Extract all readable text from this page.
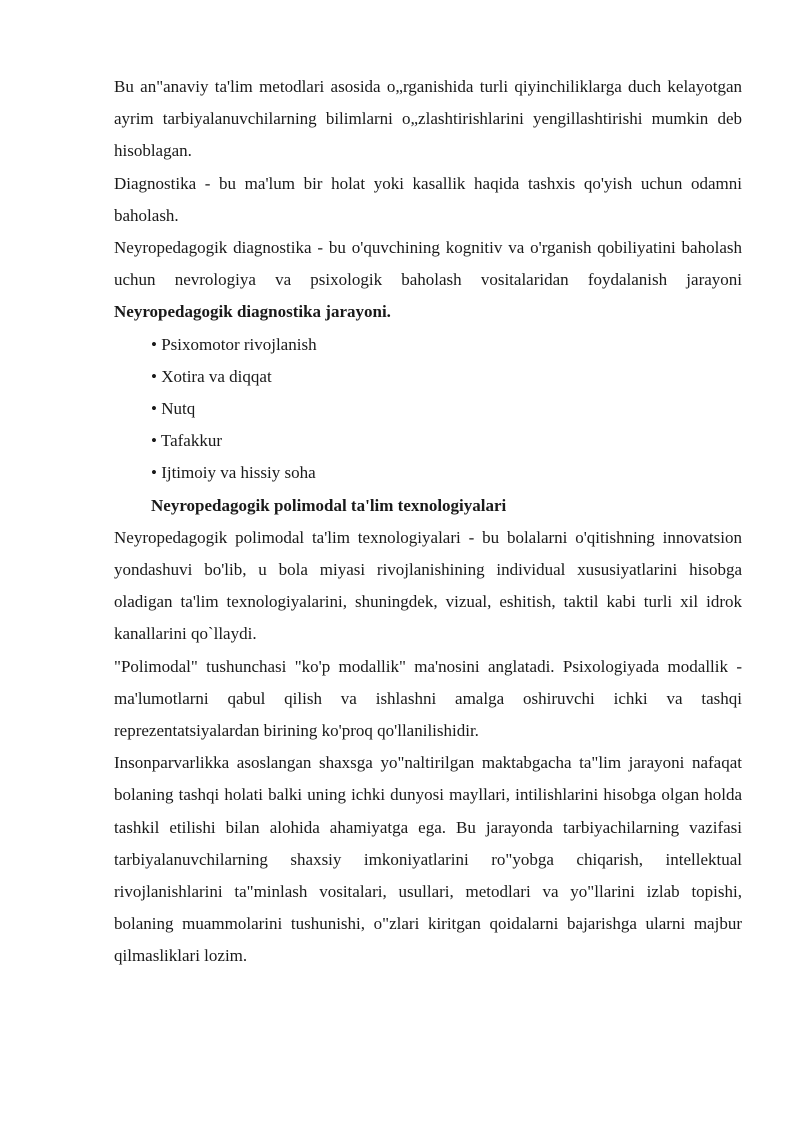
Bu an"anaviy ta'lim metodlari asosida o„rganishida turli qiyinchiliklarga duch kelayotgan ayrim tarbiyalanuvchilarning bilimlarni o„zlashtirishlarini yengillashtirishi mumkin deb hisoblagan.

Diagnostika - bu ma'lum bir holat yoki kasallik haqida tashxis qo'yish uchun odamni baholash.

Neyropedagogik diagnostika - bu o'quvchining kognitiv va o'rganish qobiliyatini baholash uchun nevrologiya va psixologik baholash vositalaridan foydalanish jarayoni Neyropedagogik diagnostika jarayoni.

• Psixomotor rivojlanish
• Xotira va diqqat
• Nutq
• Tafakkur
• Ijtimoiy va hissiy soha

Neyropedagogik polimodal ta'lim texnologiyalari

Neyropedagogik polimodal ta'lim texnologiyalari - bu bolalarni o'qitishning innovatsion yondashuvi bo'lib, u bola miyasi rivojlanishining individual xususiyatlarini hisobga oladigan ta'lim texnologiyalarini, shuningdek, vizual, eshitish, taktil kabi turli xil idrok kanallarini qo`llaydi.

"Polimodal" tushunchasi "ko'p modallik" ma'nosini anglatadi. Psixologiyada modallik - ma'lumotlarni qabul qilish va ishlashni amalga oshiruvchi ichki va tashqi reprezentatsiyalardan birining ko'proq qo'llanilishidir.

Insonparvarlikka asoslangan shaxsga yo"naltirilgan maktabgacha ta"lim jarayoni nafaqat bolaning tashqi holati balki uning ichki dunyosi mayllari, intilishlarini hisobga olgan holda tashkil etilishi bilan alohida ahamiyatga ega. Bu jarayonda tarbiyachilarning vazifasi tarbiyalanuvchilarning shaxsiy imkoniyatlarini ro"yobga chiqarish, intellektual rivojlanishlarini ta"minlash vositalari, usullari, metodlari va yo"llarini izlab topishi, bolaning muammolarini tushunishi, o"zlari kiritgan qoidalarni bajarishga ularni majbur qilmasliklari lozim.
